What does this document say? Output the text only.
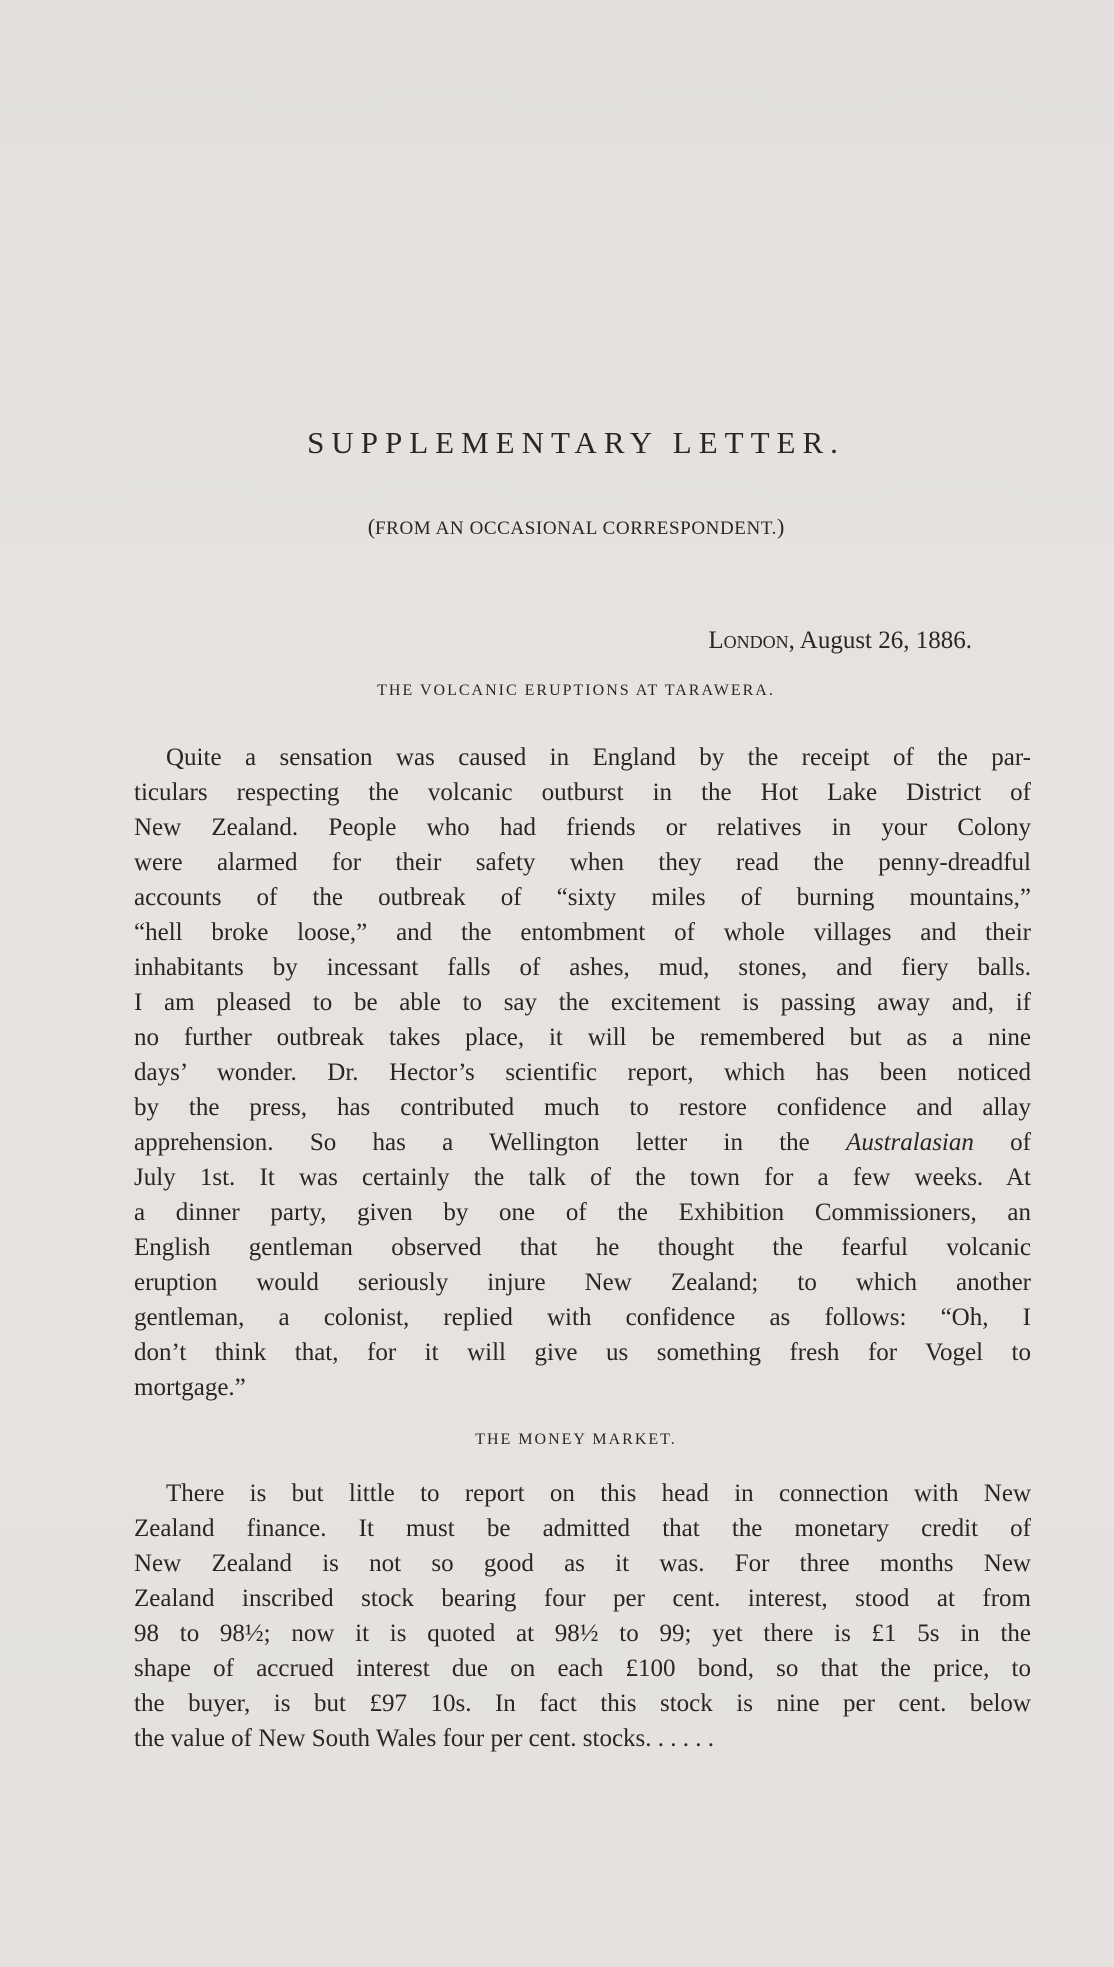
SUPPLEMENTARY LETTER.
(FROM AN OCCASIONAL CORRESPONDENT.)
London, August 26, 1886.
THE VOLCANIC ERUPTIONS AT TARAWERA.
Quite a sensation was caused in England by the receipt of the par-
ticulars respecting the volcanic outburst in the Hot Lake District of
New Zealand. People who had friends or relatives in your Colony
were alarmed for their safety when they read the penny-dreadful
accounts of the outbreak of “sixty miles of burning mountains,”
“hell broke loose,” and the entombment of whole villages and their
inhabitants by incessant falls of ashes, mud, stones, and fiery balls.
I am pleased to be able to say the excitement is passing away and, if
no further outbreak takes place, it will be remembered but as a nine
days’ wonder. Dr. Hector’s scientific report, which has been noticed
by the press, has contributed much to restore confidence and allay
apprehension. So has a Wellington letter in the Australasian of
July 1st. It was certainly the talk of the town for a few weeks. At
a dinner party, given by one of the Exhibition Commissioners, an
English gentleman observed that he thought the fearful volcanic
eruption would seriously injure New Zealand; to which another
gentleman, a colonist, replied with confidence as follows: “Oh, I
don’t think that, for it will give us something fresh for Vogel to
mortgage.”
THE MONEY MARKET.
There is but little to report on this head in connection with New
Zealand finance. It must be admitted that the monetary credit of
New Zealand is not so good as it was. For three months New
Zealand inscribed stock bearing four per cent. interest, stood at from
98 to 98½; now it is quoted at 98½ to 99; yet there is £1 5s in the
shape of accrued interest due on each £100 bond, so that the price, to
the buyer, is but £97 10s. In fact this stock is nine per cent. below
the value of New South Wales four per cent. stocks. . . . . .
